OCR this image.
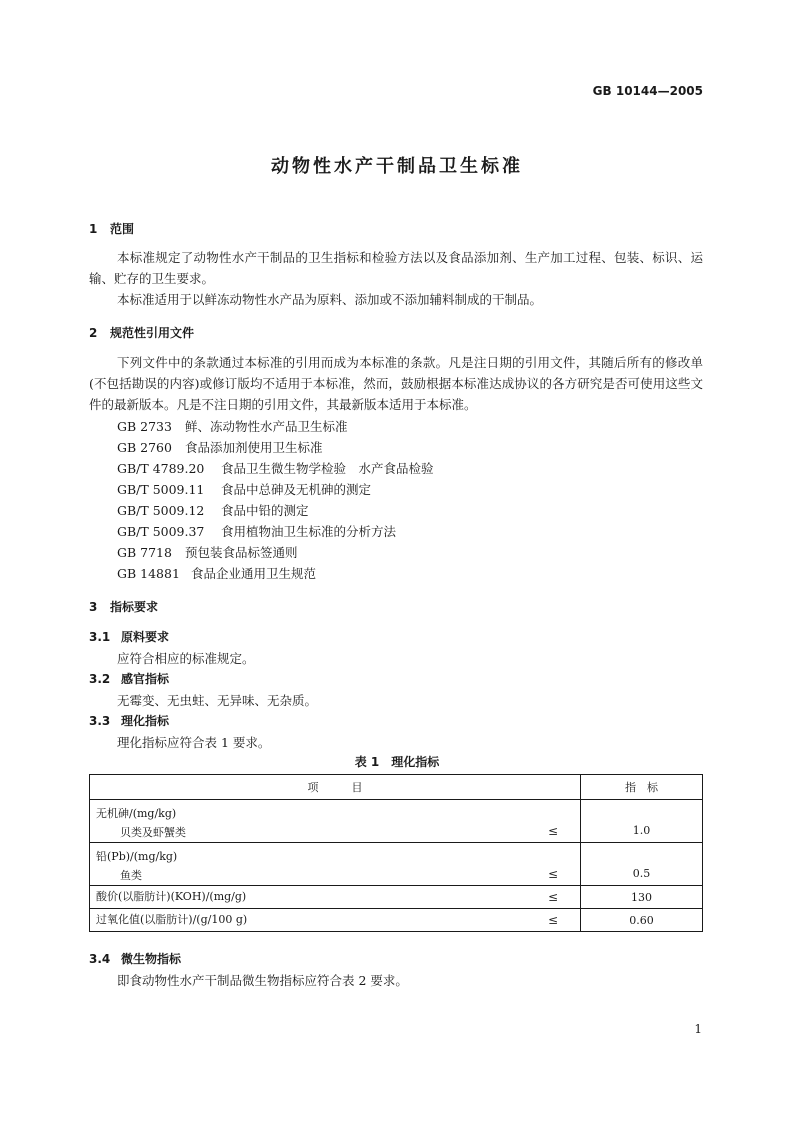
GB 10144—2005
动物性水产干制品卫生标准
1 范围
本标准规定了动物性水产干制品的卫生指标和检验方法以及食品添加剂、生产加工过程、包装、标识、运输、贮存的卫生要求。
本标准适用于以鲜冻动物性水产品为原料、添加或不添加辅料制成的干制品。
2 规范性引用文件
下列文件中的条款通过本标准的引用而成为本标准的条款。凡是注日期的引用文件，其随后所有的修改单(不包括勘误的内容)或修订版均不适用于本标准，然而，鼓励根据本标准达成协议的各方研究是否可使用这些文件的最新版本。凡是不注日期的引用文件，其最新版本适用于本标准。
GB 2733 鲜、冻动物性水产品卫生标准
GB 2760 食品添加剂使用卫生标准
GB/T 4789.20 食品卫生微生物学检验　水产食品检验
GB/T 5009.11 食品中总砷及无机砷的测定
GB/T 5009.12 食品中铅的测定
GB/T 5009.37 食用植物油卫生标准的分析方法
GB 7718 预包装食品标签通则
GB 14881 食品企业通用卫生规范
3 指标要求
3.1 原料要求
应符合相应的标准规定。
3.2 感官指标
无霉变、无虫蛀、无异味、无杂质。
3.3 理化指标
理化指标应符合表 1 要求。
表 1　理化指标
项　　　目	指　标

无机砷/(mg/kg)
贝类及虾蟹类 ≤	1.0

铅(Pb)/(mg/kg)
鱼类 ≤	0.5

酸价(以脂肪计)(KOH)/(mg/g) ≤	130

过氧化值(以脂肪计)/(g/100 g) ≤	0.60
3.4 微生物指标
即食动物性水产干制品微生物指标应符合表 2 要求。
1
